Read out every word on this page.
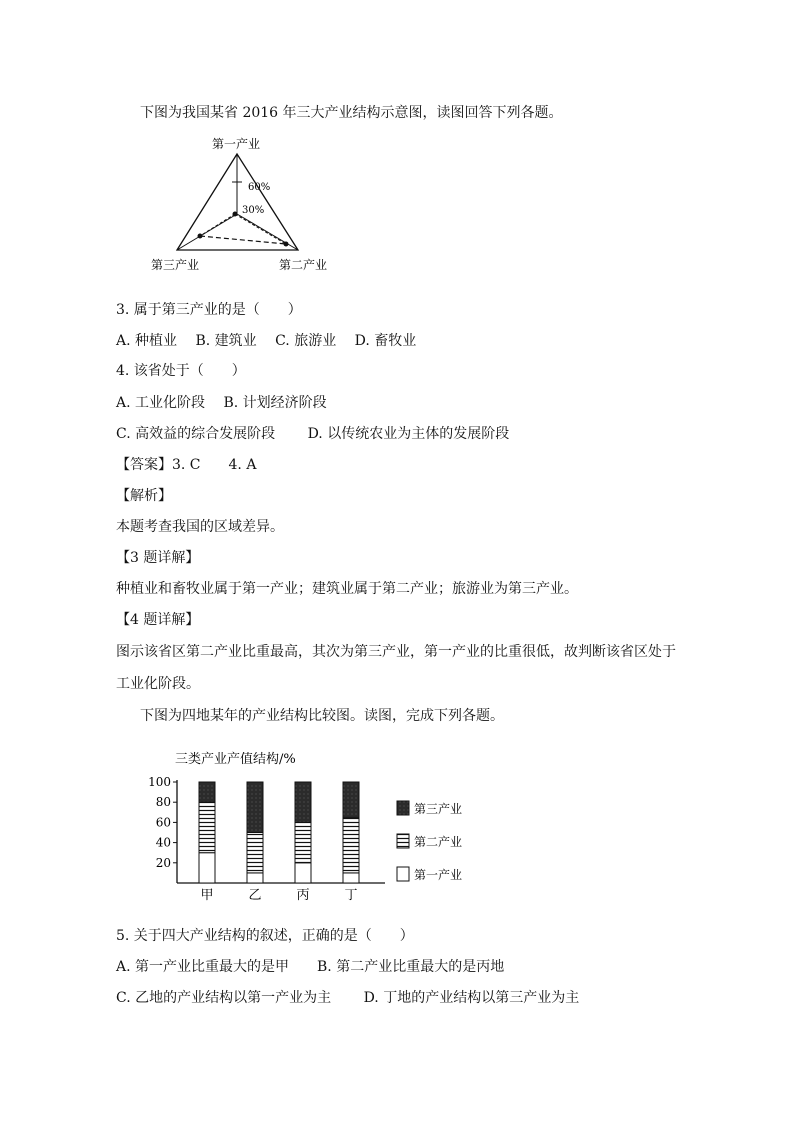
下图为我国某省 2016 年三大产业结构示意图，读图回答下列各题。
第一产业
60%
30%
第三产业	第二产业
3. 属于第三产业的是（　　）
A. 种植业　 B. 建筑业　 C. 旅游业　 D. 畜牧业
4. 该省处于（　　）
A. 工业化阶段　 B. 计划经济阶段
C. 高效益的综合发展阶段　　 D. 以传统农业为主体的发展阶段
【答案】3. C　　4. A
【解析】
本题考查我国的区域差异。
【3 题详解】
种植业和畜牧业属于第一产业；建筑业属于第二产业；旅游业为第三产业。
【4 题详解】
图示该省区第二产业比重最高，其次为第三产业，第一产业的比重很低，故判断该省区处于
工业化阶段。
下图为四地某年的产业结构比较图。读图，完成下列各题。
三类产业产值结构/%
20
40
60
80
100
甲	乙	丙	丁
第三产业
第二产业
第一产业
5. 关于四大产业结构的叙述，正确的是（　　）
A. 第一产业比重最大的是甲　　B. 第二产业比重最大的是丙地
C. 乙地的产业结构以第一产业为主　　 D. 丁地的产业结构以第三产业为主
